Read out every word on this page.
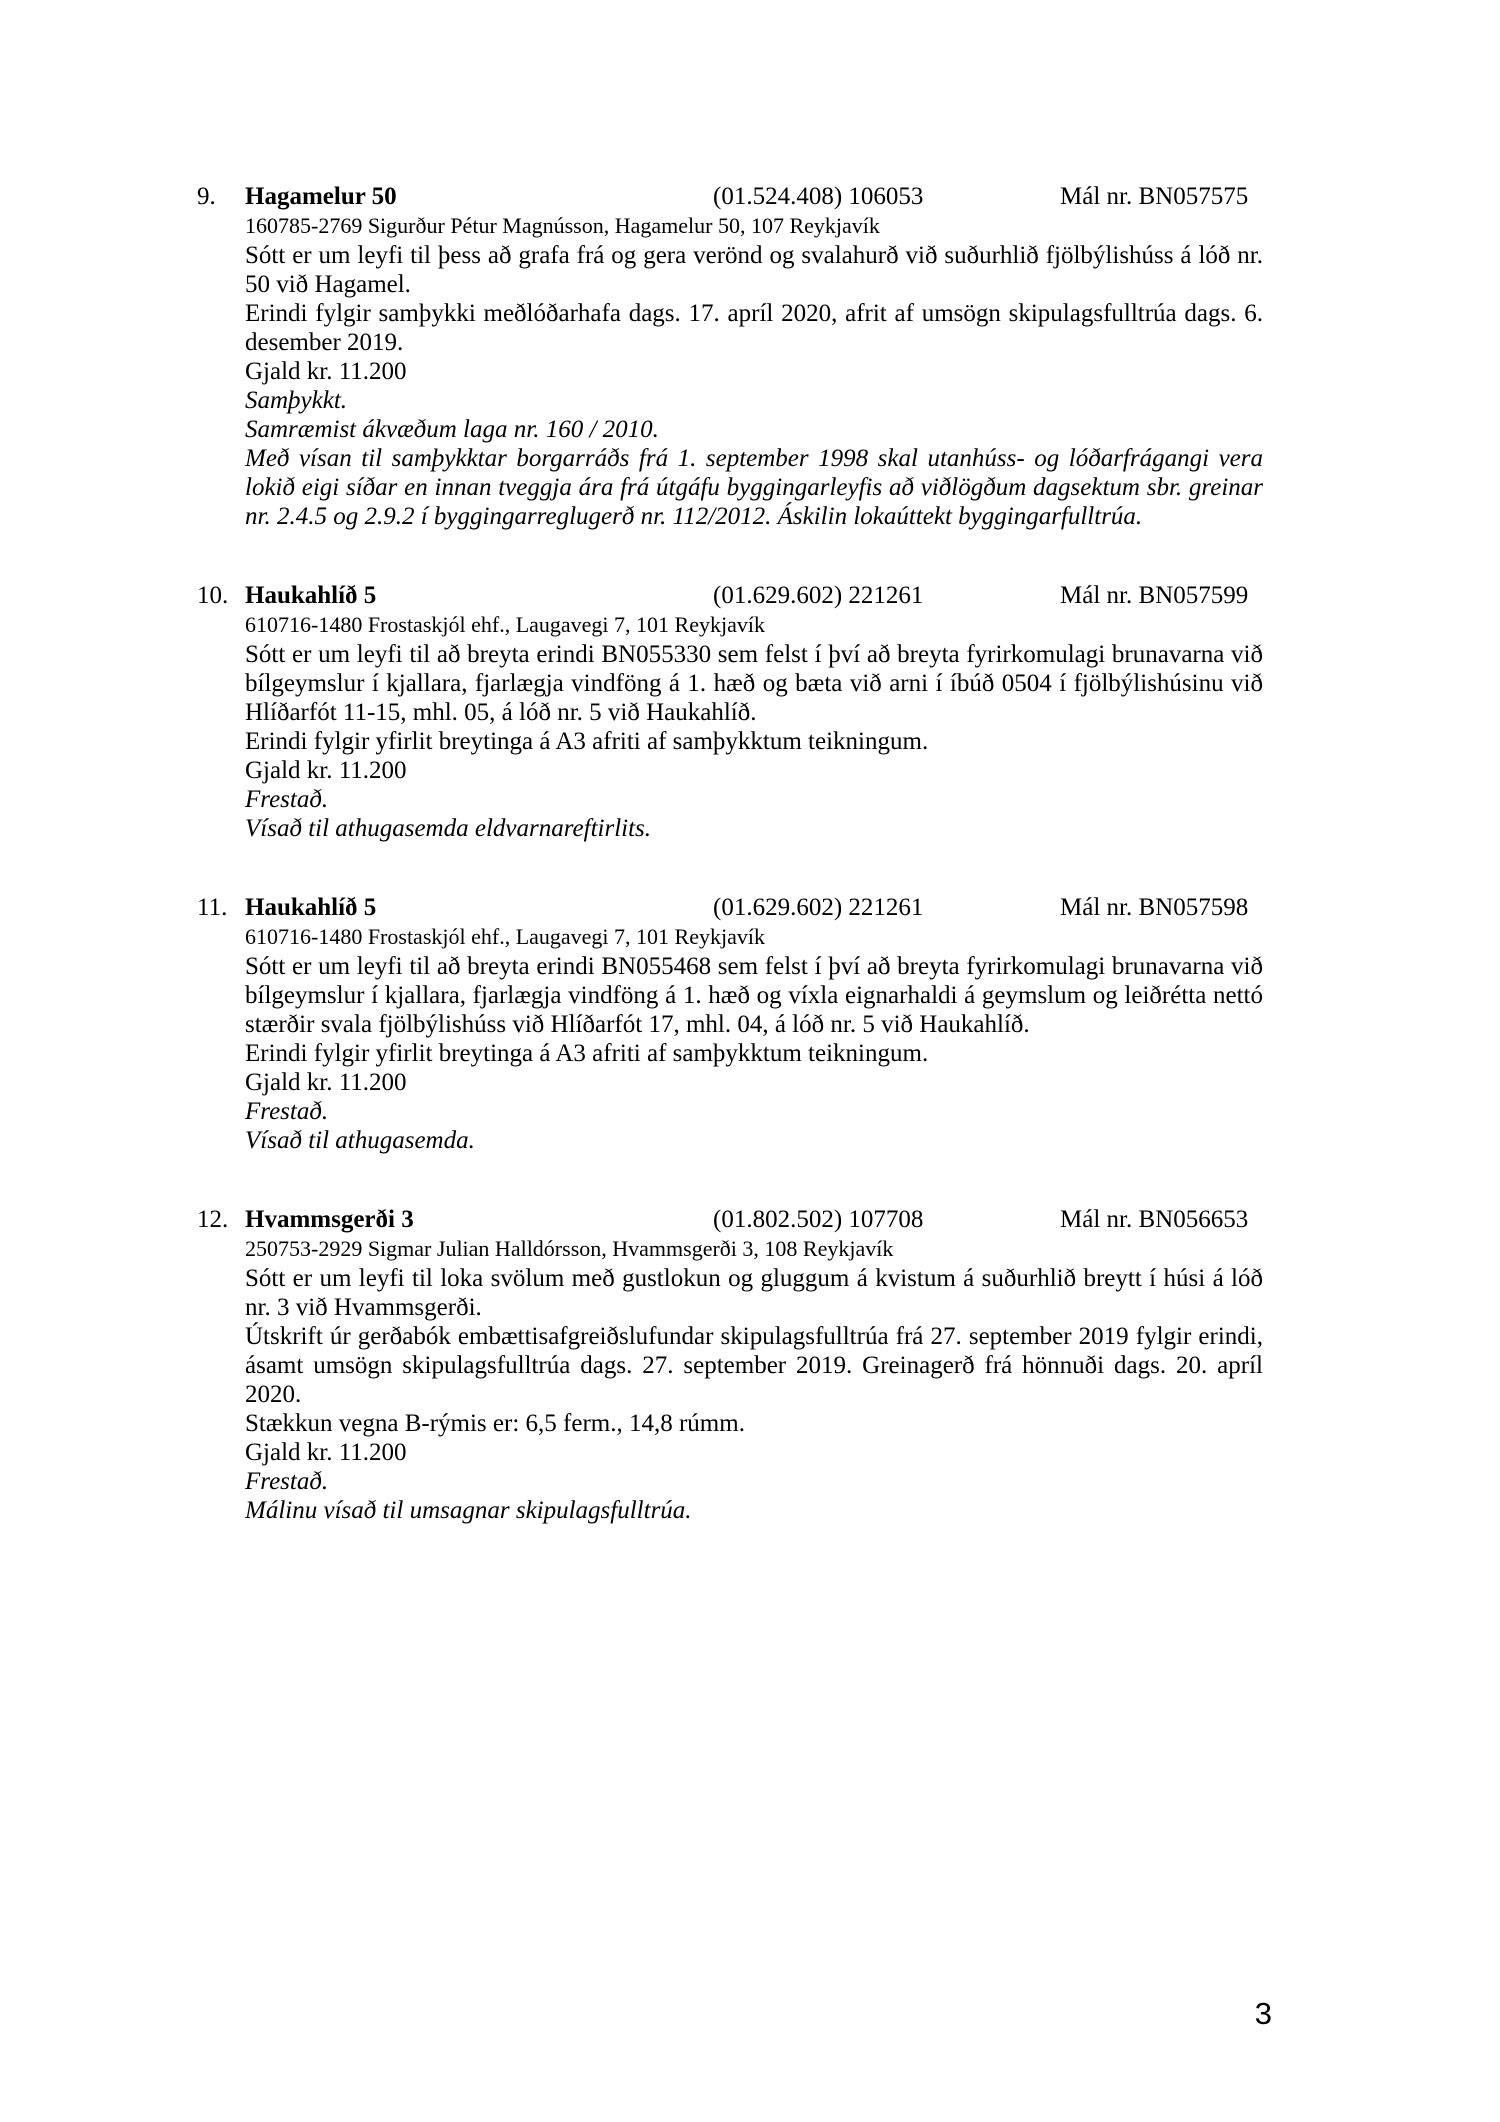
9.	Hagamelur 50	(01.524.408) 106053	Mál nr. BN057575
160785-2769 Sigurður Pétur Magnússon, Hagamelur 50, 107 Reykjavík
Sótt er um leyfi til þess að grafa frá og gera verönd og svalahurð við suðurhlið fjölbýlishúss á lóð nr. 50 við Hagamel.
Erindi fylgir samþykki meðlóðarhafa dags. 17. apríl 2020, afrit af umsögn skipulagsfulltrúa dags. 6. desember 2019.
Gjald kr. 11.200
Samþykkt.
Samræmist ákvæðum laga nr. 160 / 2010.
Með vísan til samþykktar borgarráðs frá 1. september 1998 skal utanhúss- og lóðarfrágangi vera lokið eigi síðar en innan tveggja ára frá útgáfu byggingarleyfis að viðlögðum dagsektum sbr. greinar nr. 2.4.5 og 2.9.2 í byggingarreglugerð nr. 112/2012. Áskilin lokaúttekt byggingarfulltrúa.
10. Haukahlíð 5	(01.629.602) 221261	Mál nr. BN057599
610716-1480 Frostaskjól ehf., Laugavegi 7, 101 Reykjavík
Sótt er um leyfi til að breyta erindi BN055330 sem felst í því að breyta fyrirkomulagi brunavarna við bílgeymslur í kjallara, fjarlægja vindföng á 1. hæð og bæta við arni í íbúð 0504 í fjölbýlishúsinu við Hlíðarfót 11-15, mhl. 05, á lóð nr. 5 við Haukahlíð.
Erindi fylgir yfirlit breytinga á A3 afriti af samþykktum teikningum.
Gjald kr. 11.200
Frestað.
Vísað til athugasemda eldvarnareftirlits.
11. Haukahlíð 5	(01.629.602) 221261	Mál nr. BN057598
610716-1480 Frostaskjól ehf., Laugavegi 7, 101 Reykjavík
Sótt er um leyfi til að breyta erindi BN055468 sem felst í því að breyta fyrirkomulagi brunavarna við bílgeymslur í kjallara, fjarlægja vindföng á 1. hæð og víxla eignarhaldi á geymslum og leiðrétta nettó stærðir svala fjölbýlishúss við Hlíðarfót 17, mhl. 04, á lóð nr. 5 við Haukahlíð.
Erindi fylgir yfirlit breytinga á A3 afriti af samþykktum teikningum.
Gjald kr. 11.200
Frestað.
Vísað til athugasemda.
12. Hvammsgerði 3	(01.802.502) 107708	Mál nr. BN056653
250753-2929 Sigmar Julian Halldórsson, Hvammsgerði 3, 108 Reykjavík
Sótt er um leyfi til loka svölum með gustlokun og gluggum á kvistum á suðurhlið breytt í húsi á lóð nr. 3 við Hvammsgerði.
Útskrift úr gerðabók embættisafgreiðslufundar skipulagsfulltrúa frá 27. september 2019 fylgir erindi, ásamt umsögn skipulagsfulltrúa dags. 27. september 2019. Greinagerð frá hönnuði dags. 20. apríl 2020.
Stækkun vegna B-rýmis er: 6,5 ferm., 14,8 rúmm.
Gjald kr. 11.200
Frestað.
Málinu vísað til umsagnar skipulagsfulltrúa.
3
